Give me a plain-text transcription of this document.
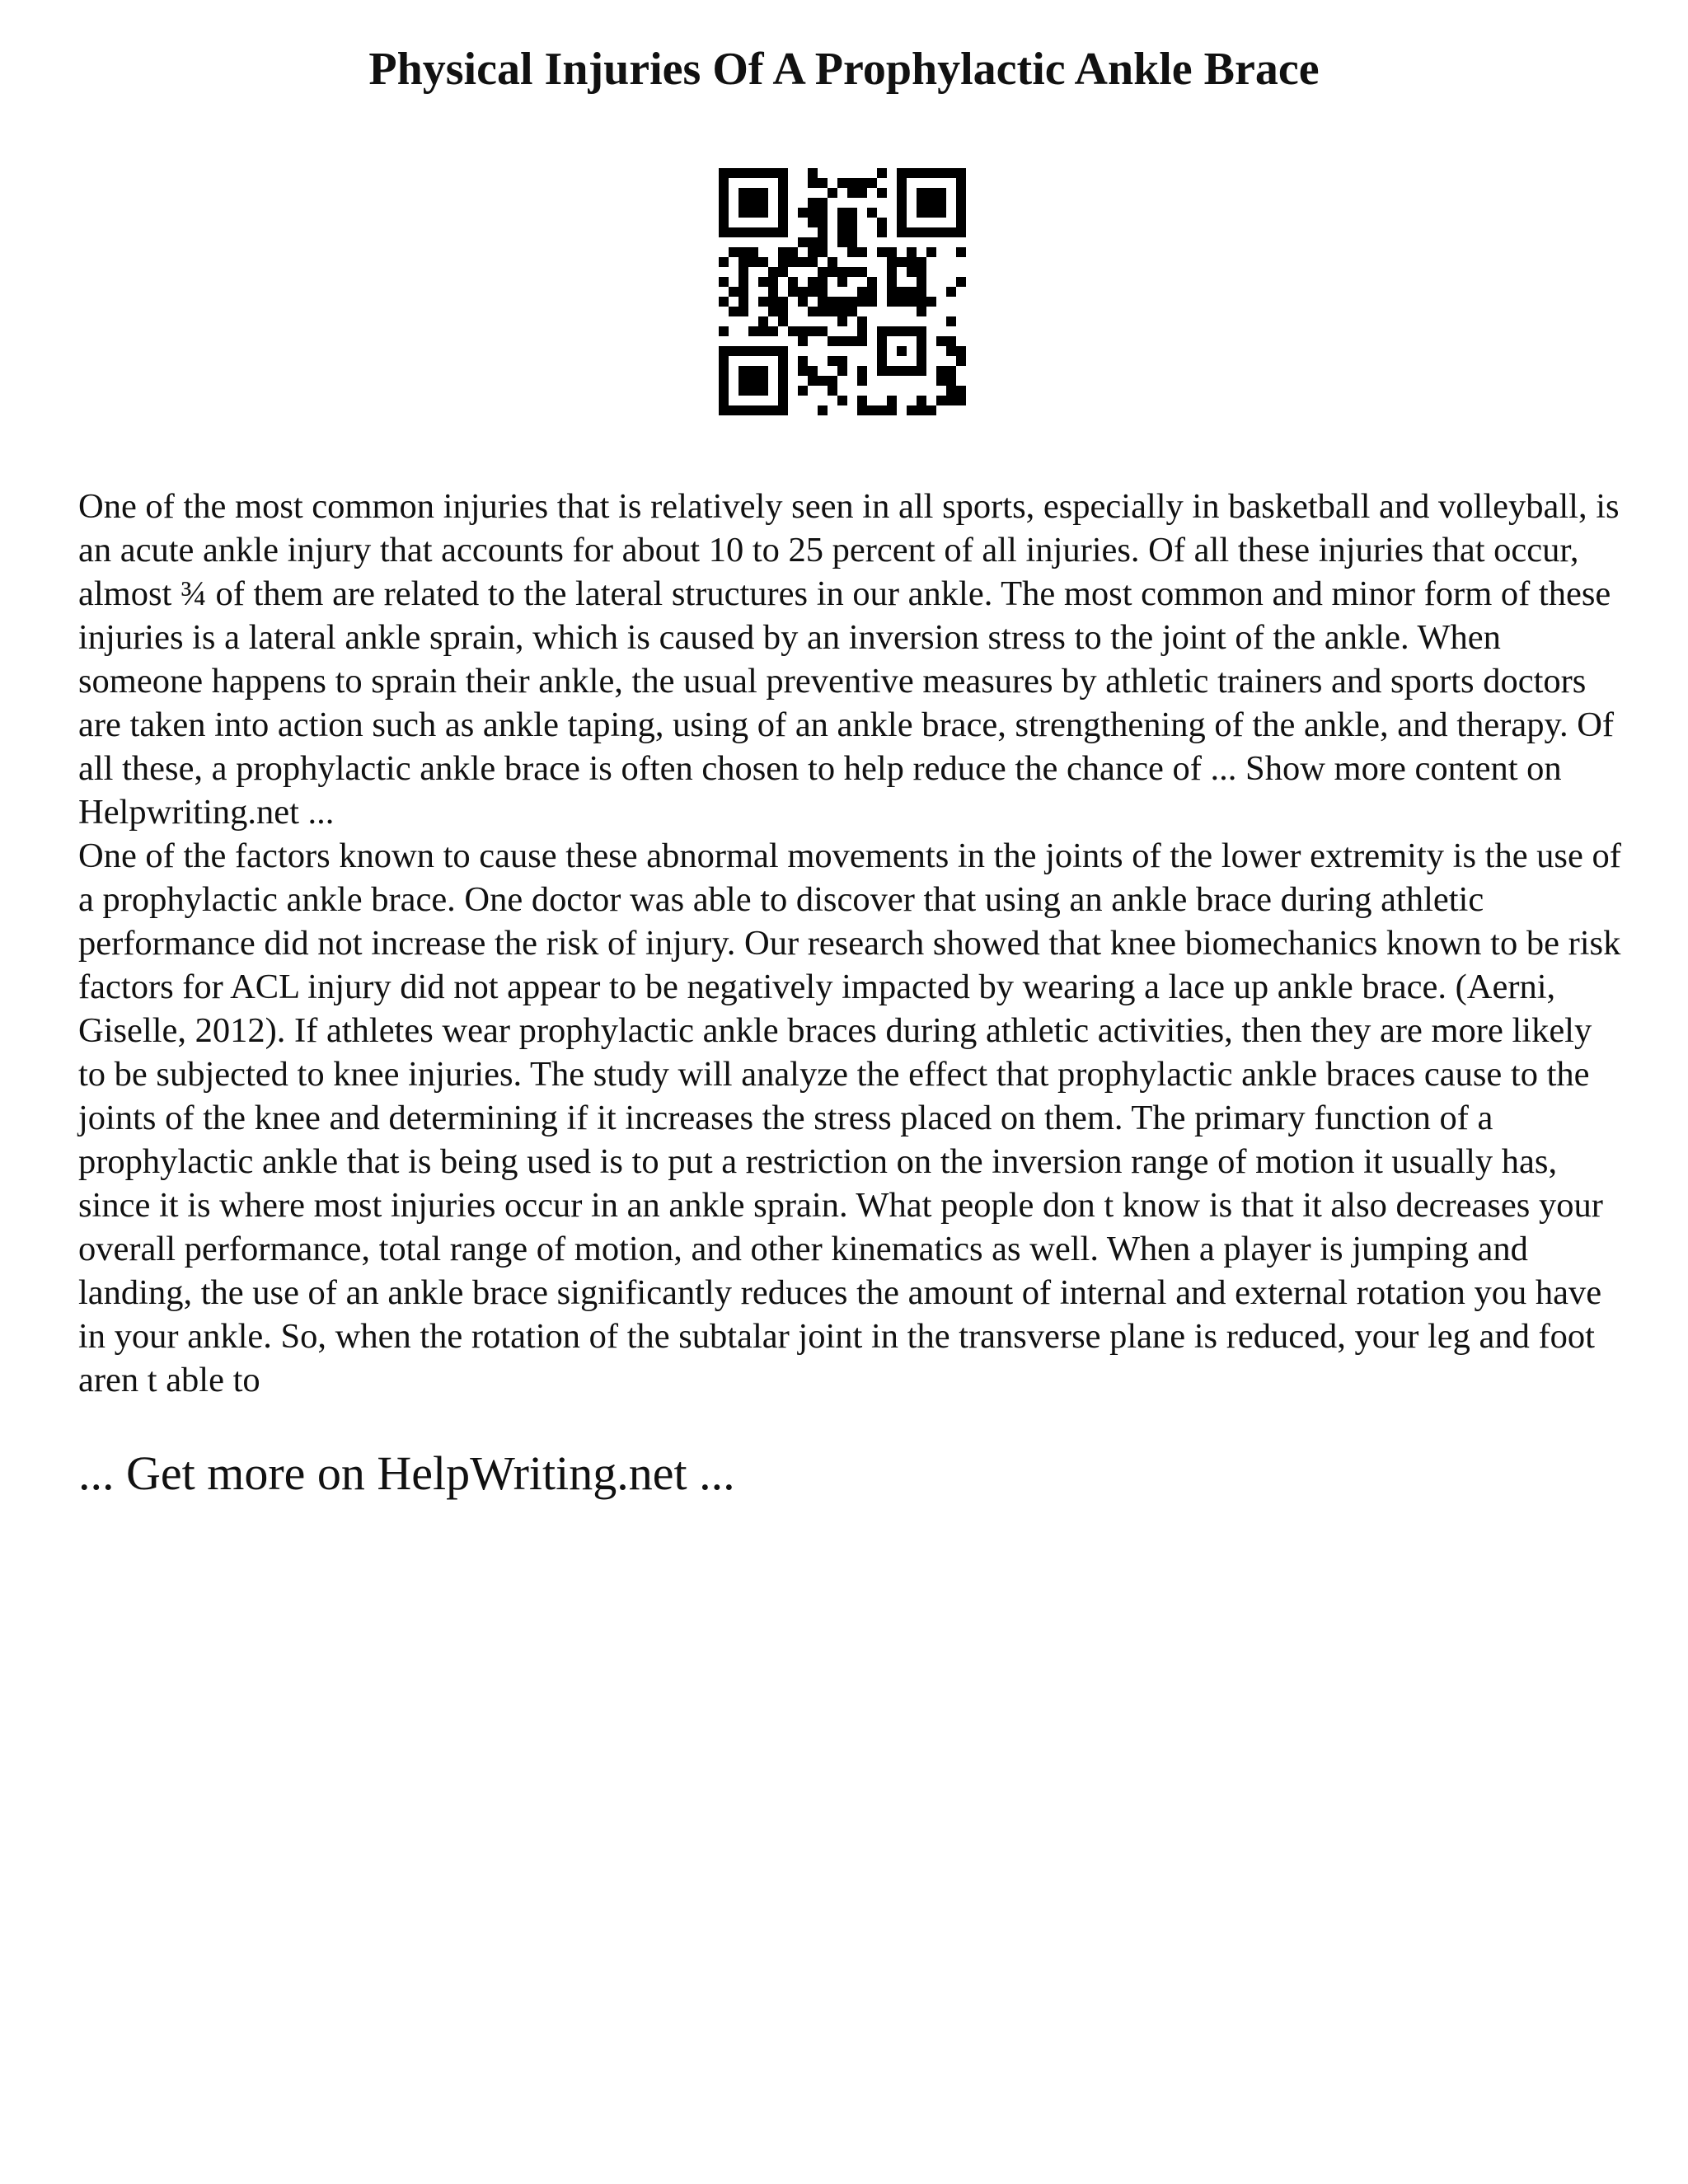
Physical Injuries Of A Prophylactic Ankle Brace

One of the most common injuries that is relatively seen in all sports, especially in basketball and volleyball, is an acute ankle injury that accounts for about 10 to 25 percent of all injuries. Of all these injuries that occur, almost ¾ of them are related to the lateral structures in our ankle. The most common and minor form of these injuries is a lateral ankle sprain, which is caused by an inversion stress to the joint of the ankle. When someone happens to sprain their ankle, the usual preventive measures by athletic trainers and sports doctors are taken into action such as ankle taping, using of an ankle brace, strengthening of the ankle, and therapy. Of all these, a prophylactic ankle brace is often chosen to help reduce the chance of ... Show more content on Helpwriting.net ...

One of the factors known to cause these abnormal movements in the joints of the lower extremity is the use of a prophylactic ankle brace. One doctor was able to discover that using an ankle brace during athletic performance did not increase the risk of injury. Our research showed that knee biomechanics known to be risk factors for ACL injury did not appear to be negatively impacted by wearing a lace up ankle brace. (Aerni, Giselle, 2012). If athletes wear prophylactic ankle braces during athletic activities, then they are more likely to be subjected to knee injuries. The study will analyze the effect that prophylactic ankle braces cause to the joints of the knee and determining if it increases the stress placed on them. The primary function of a prophylactic ankle that is being used is to put a restriction on the inversion range of motion it usually has, since it is where most injuries occur in an ankle sprain. What people don t know is that it also decreases your overall performance, total range of motion, and other kinematics as well. When a player is jumping and landing, the use of an ankle brace significantly reduces the amount of internal and external rotation you have in your ankle. So, when the rotation of the subtalar joint in the transverse plane is reduced, your leg and foot aren t able to

... Get more on HelpWriting.net ...
